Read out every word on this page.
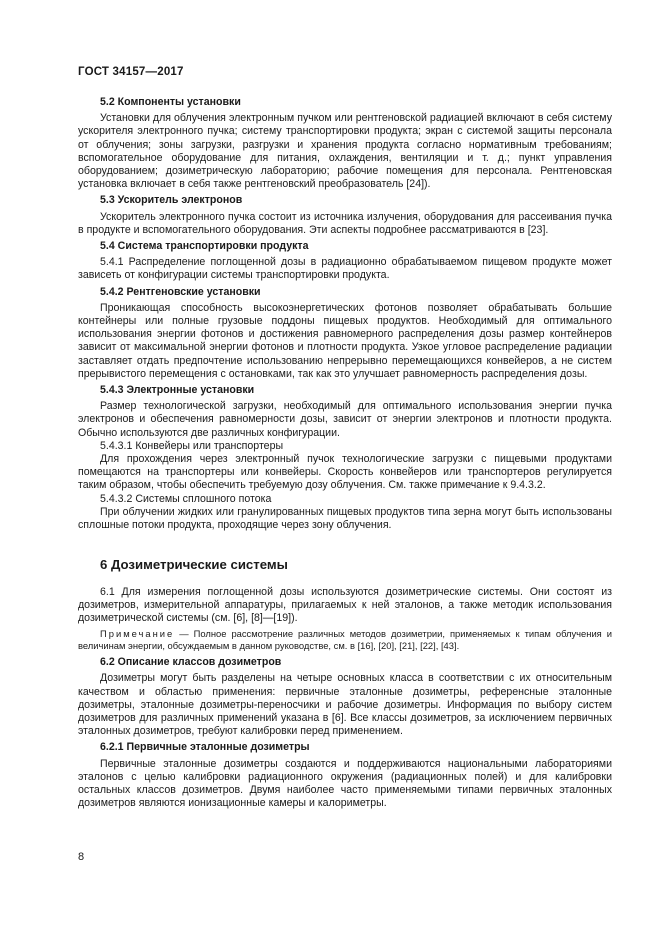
ГОСТ 34157—2017
5.2 Компоненты установки
Установки для облучения электронным пучком или рентгеновской радиацией включают в себя систему ускорителя электронного пучка; систему транспортировки продукта; экран с системой защиты персонала от облучения; зоны загрузки, разгрузки и хранения продукта согласно нормативным требованиям; вспомогательное оборудование для питания, охлаждения, вентиляции и т. д.; пункт управления оборудованием; дозиметрическую лабораторию; рабочие помещения для персонала. Рентгеновская установка включает в себя также рентгеновский преобразователь [24]).
5.3 Ускоритель электронов
Ускоритель электронного пучка состоит из источника излучения, оборудования для рассеивания пучка в продукте и вспомогательного оборудования. Эти аспекты подробнее рассматриваются в [23].
5.4 Система транспортировки продукта
5.4.1 Распределение поглощенной дозы в радиационно обрабатываемом пищевом продукте может зависеть от конфигурации системы транспортировки продукта.
5.4.2 Рентгеновские установки
Проникающая способность высокоэнергетических фотонов позволяет обрабатывать большие контейнеры или полные грузовые поддоны пищевых продуктов. Необходимый для оптимального использования энергии фотонов и достижения равномерного распределения дозы размер контейнеров зависит от максимальной энергии фотонов и плотности продукта. Узкое угловое распределение радиации заставляет отдать предпочтение использованию непрерывно перемещающихся конвейеров, а не систем прерывистого перемещения с остановками, так как это улучшает равномерность распределения дозы.
5.4.3 Электронные установки
Размер технологической загрузки, необходимый для оптимального использования энергии пучка электронов и обеспечения равномерности дозы, зависит от энергии электронов и плотности продукта. Обычно используются две различных конфигурации.
5.4.3.1 Конвейеры или транспортеры
Для прохождения через электронный пучок технологические загрузки с пищевыми продуктами помещаются на транспортеры или конвейеры. Скорость конвейеров или транспортеров регулируется таким образом, чтобы обеспечить требуемую дозу облучения. См. также примечание к 9.4.3.2.
5.4.3.2 Системы сплошного потока
При облучении жидких или гранулированных пищевых продуктов типа зерна могут быть использованы сплошные потоки продукта, проходящие через зону облучения.
6 Дозиметрические системы
6.1 Для измерения поглощенной дозы используются дозиметрические системы. Они состоят из дозиметров, измерительной аппаратуры, прилагаемых к ней эталонов, а также методик использования дозиметрической системы (см. [6], [8]—[19]).
Примечание — Полное рассмотрение различных методов дозиметрии, применяемых к типам облучения и величинам энергии, обсуждаемым в данном руководстве, см. в [16], [20], [21], [22], [43].
6.2 Описание классов дозиметров
Дозиметры могут быть разделены на четыре основных класса в соответствии с их относительным качеством и областью применения: первичные эталонные дозиметры, референсные эталонные дозиметры, эталонные дозиметры-переносчики и рабочие дозиметры. Информация по выбору систем дозиметров для различных применений указана в [6]. Все классы дозиметров, за исключением первичных эталонных дозиметров, требуют калибровки перед применением.
6.2.1 Первичные эталонные дозиметры
Первичные эталонные дозиметры создаются и поддерживаются национальными лабораториями эталонов с целью калибровки радиационного окружения (радиационных полей) и для калибровки остальных классов дозиметров. Двумя наиболее часто применяемыми типами первичных эталонных дозиметров являются ионизационные камеры и калориметры.
8
